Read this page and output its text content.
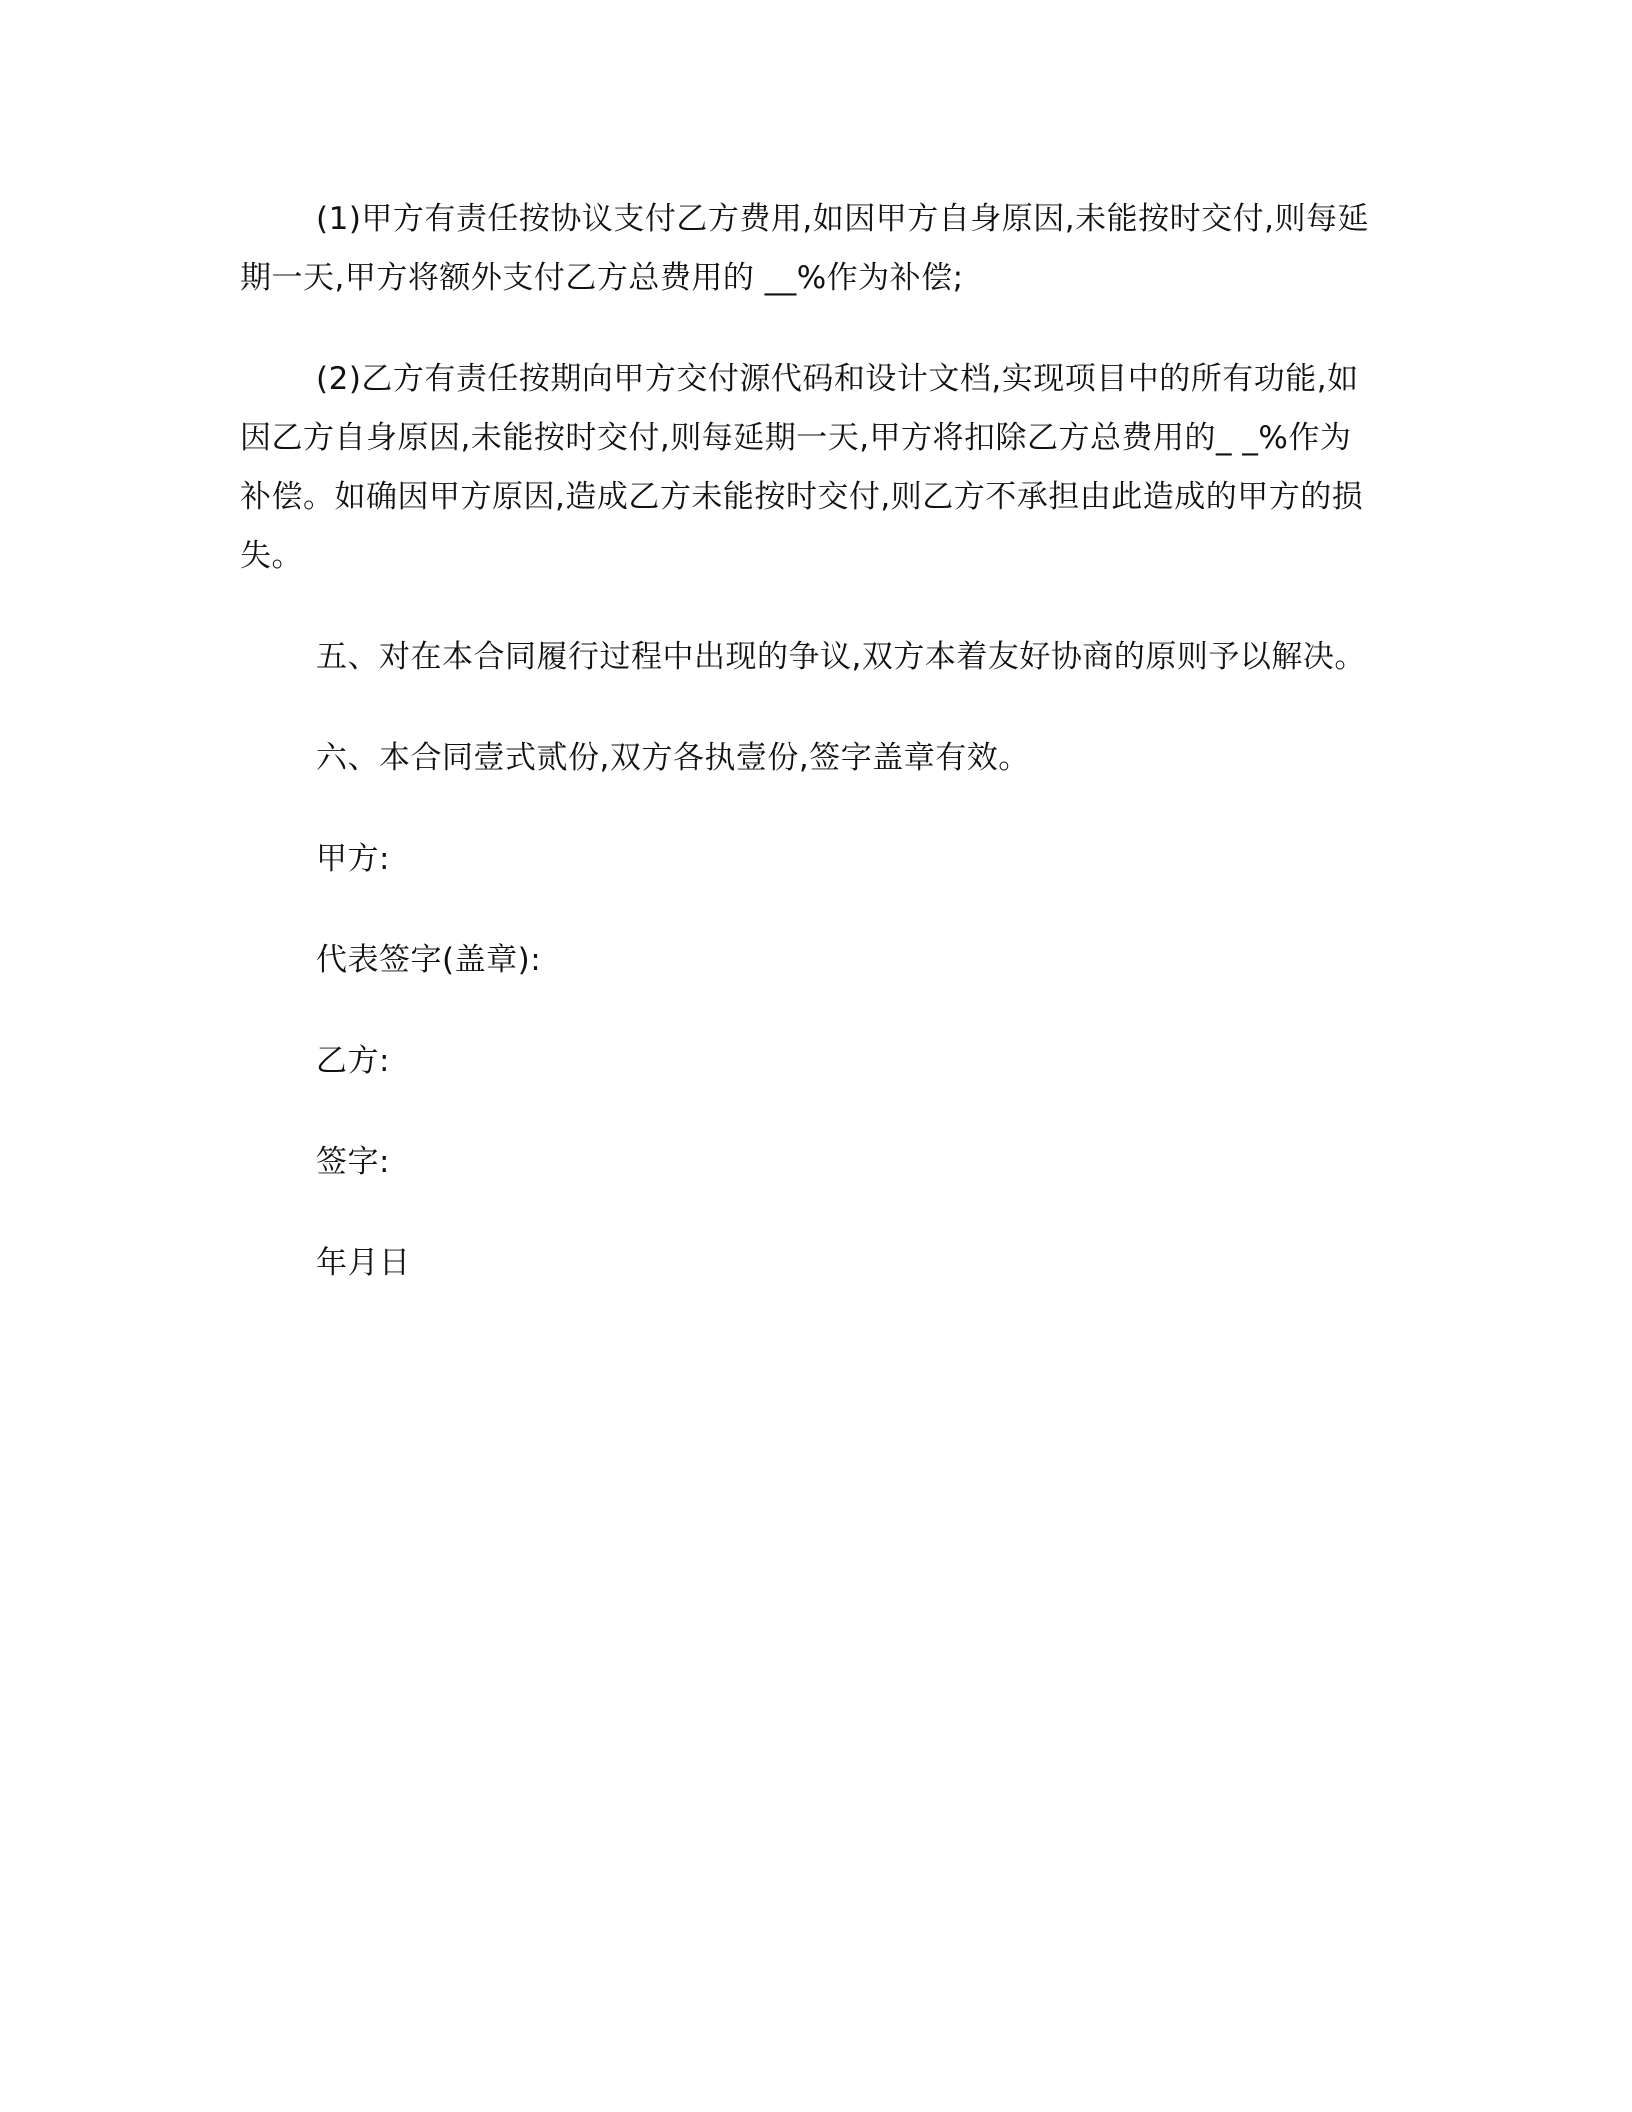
(1)甲方有责任按协议支付乙方费用,如因甲方自身原因,未能按时交付,则每延期一天,甲方将额外支付乙方总费用的 __%作为补偿;

(2)乙方有责任按期向甲方交付源代码和设计文档,实现项目中的所有功能,如因乙方自身原因,未能按时交付,则每延期一天,甲方将扣除乙方总费用的_ _%作为补偿。如确因甲方原因,造成乙方未能按时交付,则乙方不承担由此造成的甲方的损失。

五、对在本合同履行过程中出现的争议,双方本着友好协商的原则予以解决。

六、本合同壹式贰份,双方各执壹份,签字盖章有效。

甲方:

代表签字(盖章):

乙方:

签字:

年月日
